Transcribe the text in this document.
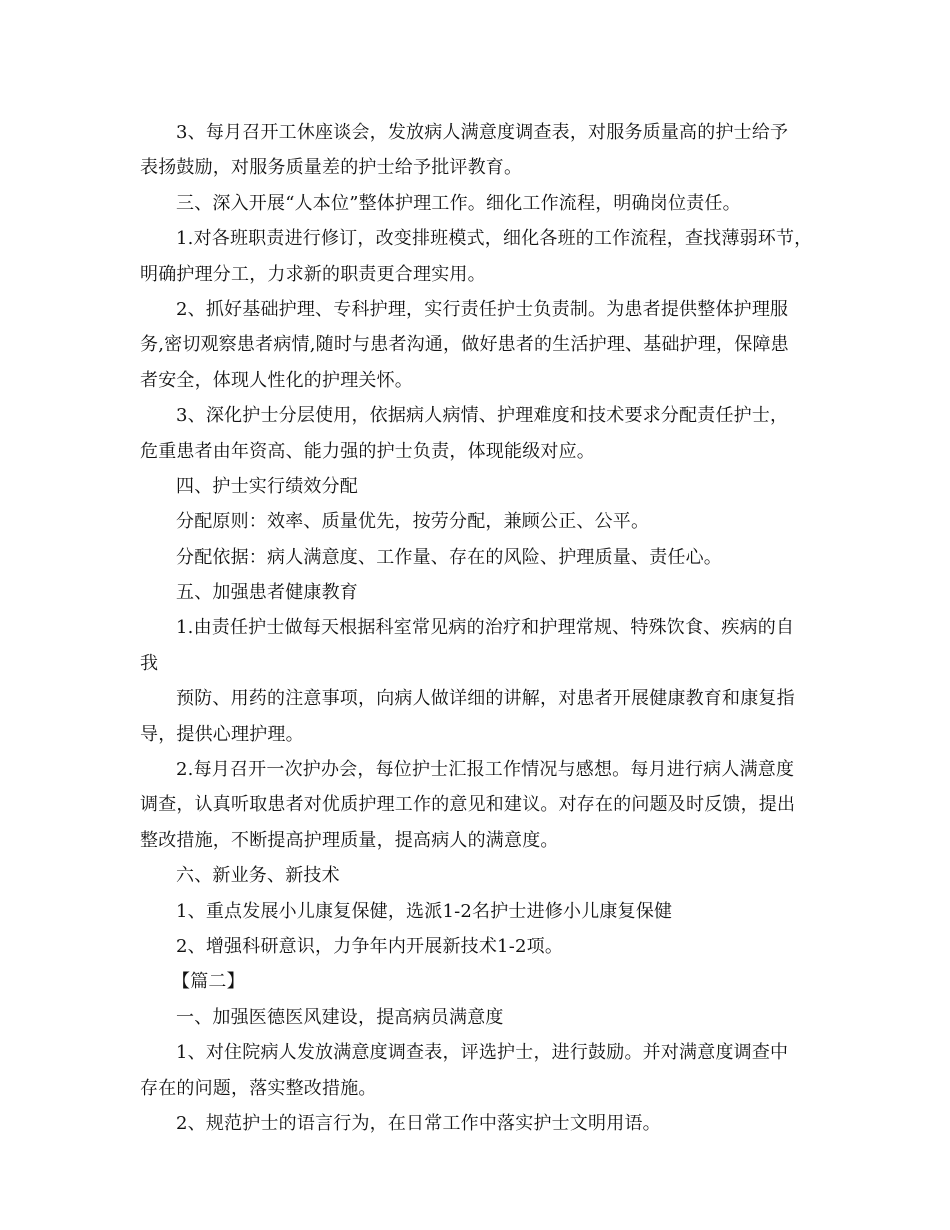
3、每月召开工休座谈会，发放病人满意度调查表，对服务质量高的护士给予
表扬鼓励，对服务质量差的护士给予批评教育。
三、深入开展“人本位”整体护理工作。细化工作流程，明确岗位责任。
1.对各班职责进行修订，改变排班模式，细化各班的工作流程，查找薄弱环节，
明确护理分工，力求新的职责更合理实用。
2、抓好基础护理、专科护理，实行责任护士负责制。为患者提供整体护理服
务,密切观察患者病情,随时与患者沟通，做好患者的生活护理、基础护理，保障患
者安全，体现人性化的护理关怀。
3、深化护士分层使用，依据病人病情、护理难度和技术要求分配责任护士，
危重患者由年资高、能力强的护士负责，体现能级对应。
四、护士实行绩效分配
分配原则：效率、质量优先，按劳分配，兼顾公正、公平。
分配依据：病人满意度、工作量、存在的风险、护理质量、责任心。
五、加强患者健康教育
1.由责任护士做每天根据科室常见病的治疗和护理常规、特殊饮食、疾病的自
我
预防、用药的注意事项，向病人做详细的讲解，对患者开展健康教育和康复指
导，提供心理护理。
2.每月召开一次护办会，每位护士汇报工作情况与感想。每月进行病人满意度
调查，认真听取患者对优质护理工作的意见和建议。对存在的问题及时反馈，提出
整改措施，不断提高护理质量，提高病人的满意度。
六、新业务、新技术
1、重点发展小儿康复保健，选派1-2名护士进修小儿康复保健
2、增强科研意识，力争年内开展新技术1-2项。
【篇二】
一、加强医德医风建设，提高病员满意度
1、对住院病人发放满意度调查表，评选护士，进行鼓励。并对满意度调查中
存在的问题，落实整改措施。
2、规范护士的语言行为，在日常工作中落实护士文明用语。
